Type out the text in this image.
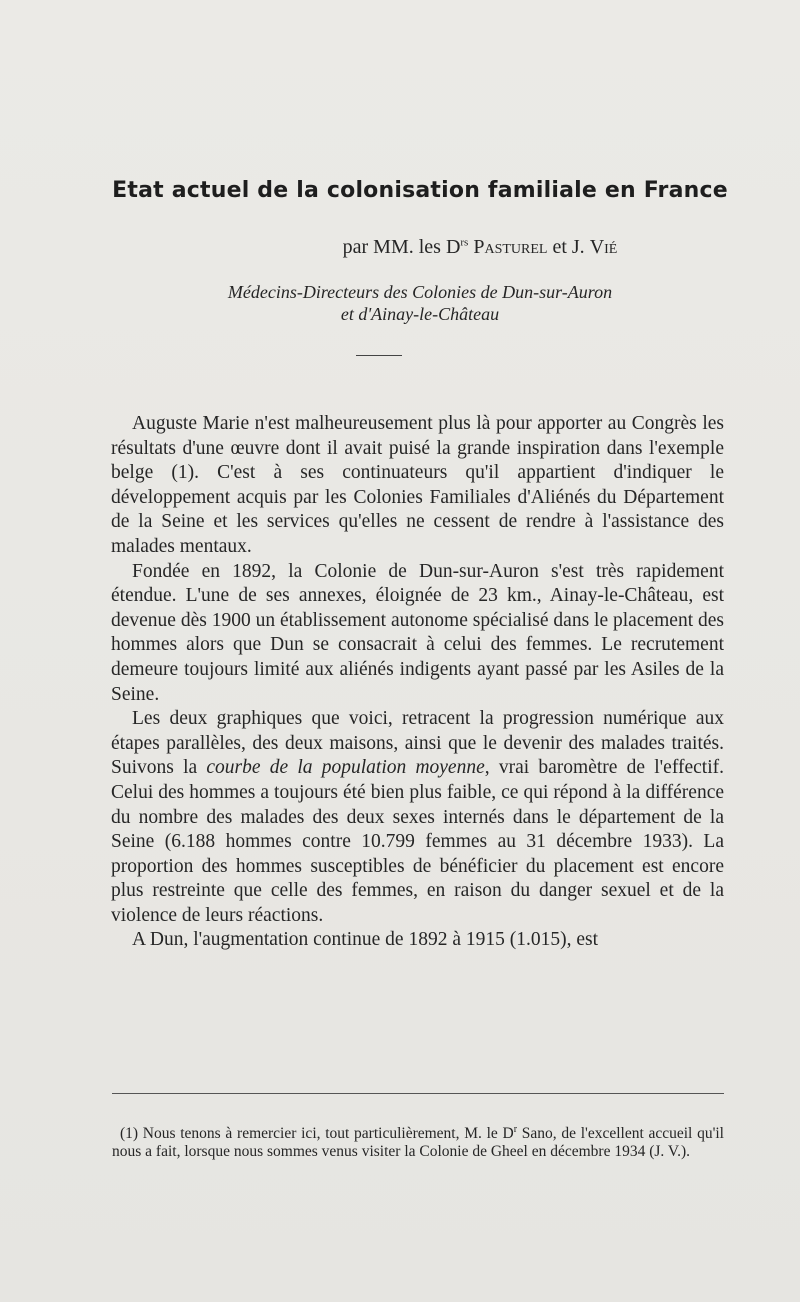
Etat actuel de la colonisation familiale en France
par MM. les $D^{rs}$ Pasturel et J. Vié
Médecins-Directeurs des Colonies de Dun-sur-Auron
et d'Ainay-le-Château

Auguste Marie n'est malheureusement plus là pour apporter au Congrès les résultats d'une œuvre dont il avait puisé la grande inspiration dans l'exemple belge (1). C'est à ses continuateurs qu'il appartient d'indiquer le développement acquis par les Colonies Familiales d'Aliénés du Département de la Seine et les services qu'elles ne cessent de rendre à l'assistance des malades mentaux.

Fondée en 1892, la Colonie de Dun-sur-Auron s'est très rapidement étendue. L'une de ses annexes, éloignée de 23 km., Ainay-le-Château, est devenue dès 1900 un établissement autonome spécialisé dans le placement des hommes alors que Dun se consacrait à celui des femmes. Le recrutement demeure toujours limité aux aliénés indigents ayant passé par les Asiles de la Seine.

Les deux graphiques que voici, retracent la progression numérique aux étapes parallèles, des deux maisons, ainsi que le devenir des malades traités. Suivons la courbe de la population moyenne, vrai baromètre de l'effectif. Celui des hommes a toujours été bien plus faible, ce qui répond à la différence du nombre des malades des deux sexes internés dans le département de la Seine (6.188 hommes contre 10.799 femmes au 31 décembre 1933). La proportion des hommes susceptibles de bénéficier du placement est encore plus restreinte que celle des femmes, en raison du danger sexuel et de la violence de leurs réactions.

A Dun, l'augmentation continue de 1892 à 1915 (1.015), est

(1) Nous tenons à remercier ici, tout particulièrement, M. le $D^r$ Sano, de l'excellent accueil qu'il nous a fait, lorsque nous sommes venus visiter la Colonie de Gheel en décembre 1934 (J. V.).
